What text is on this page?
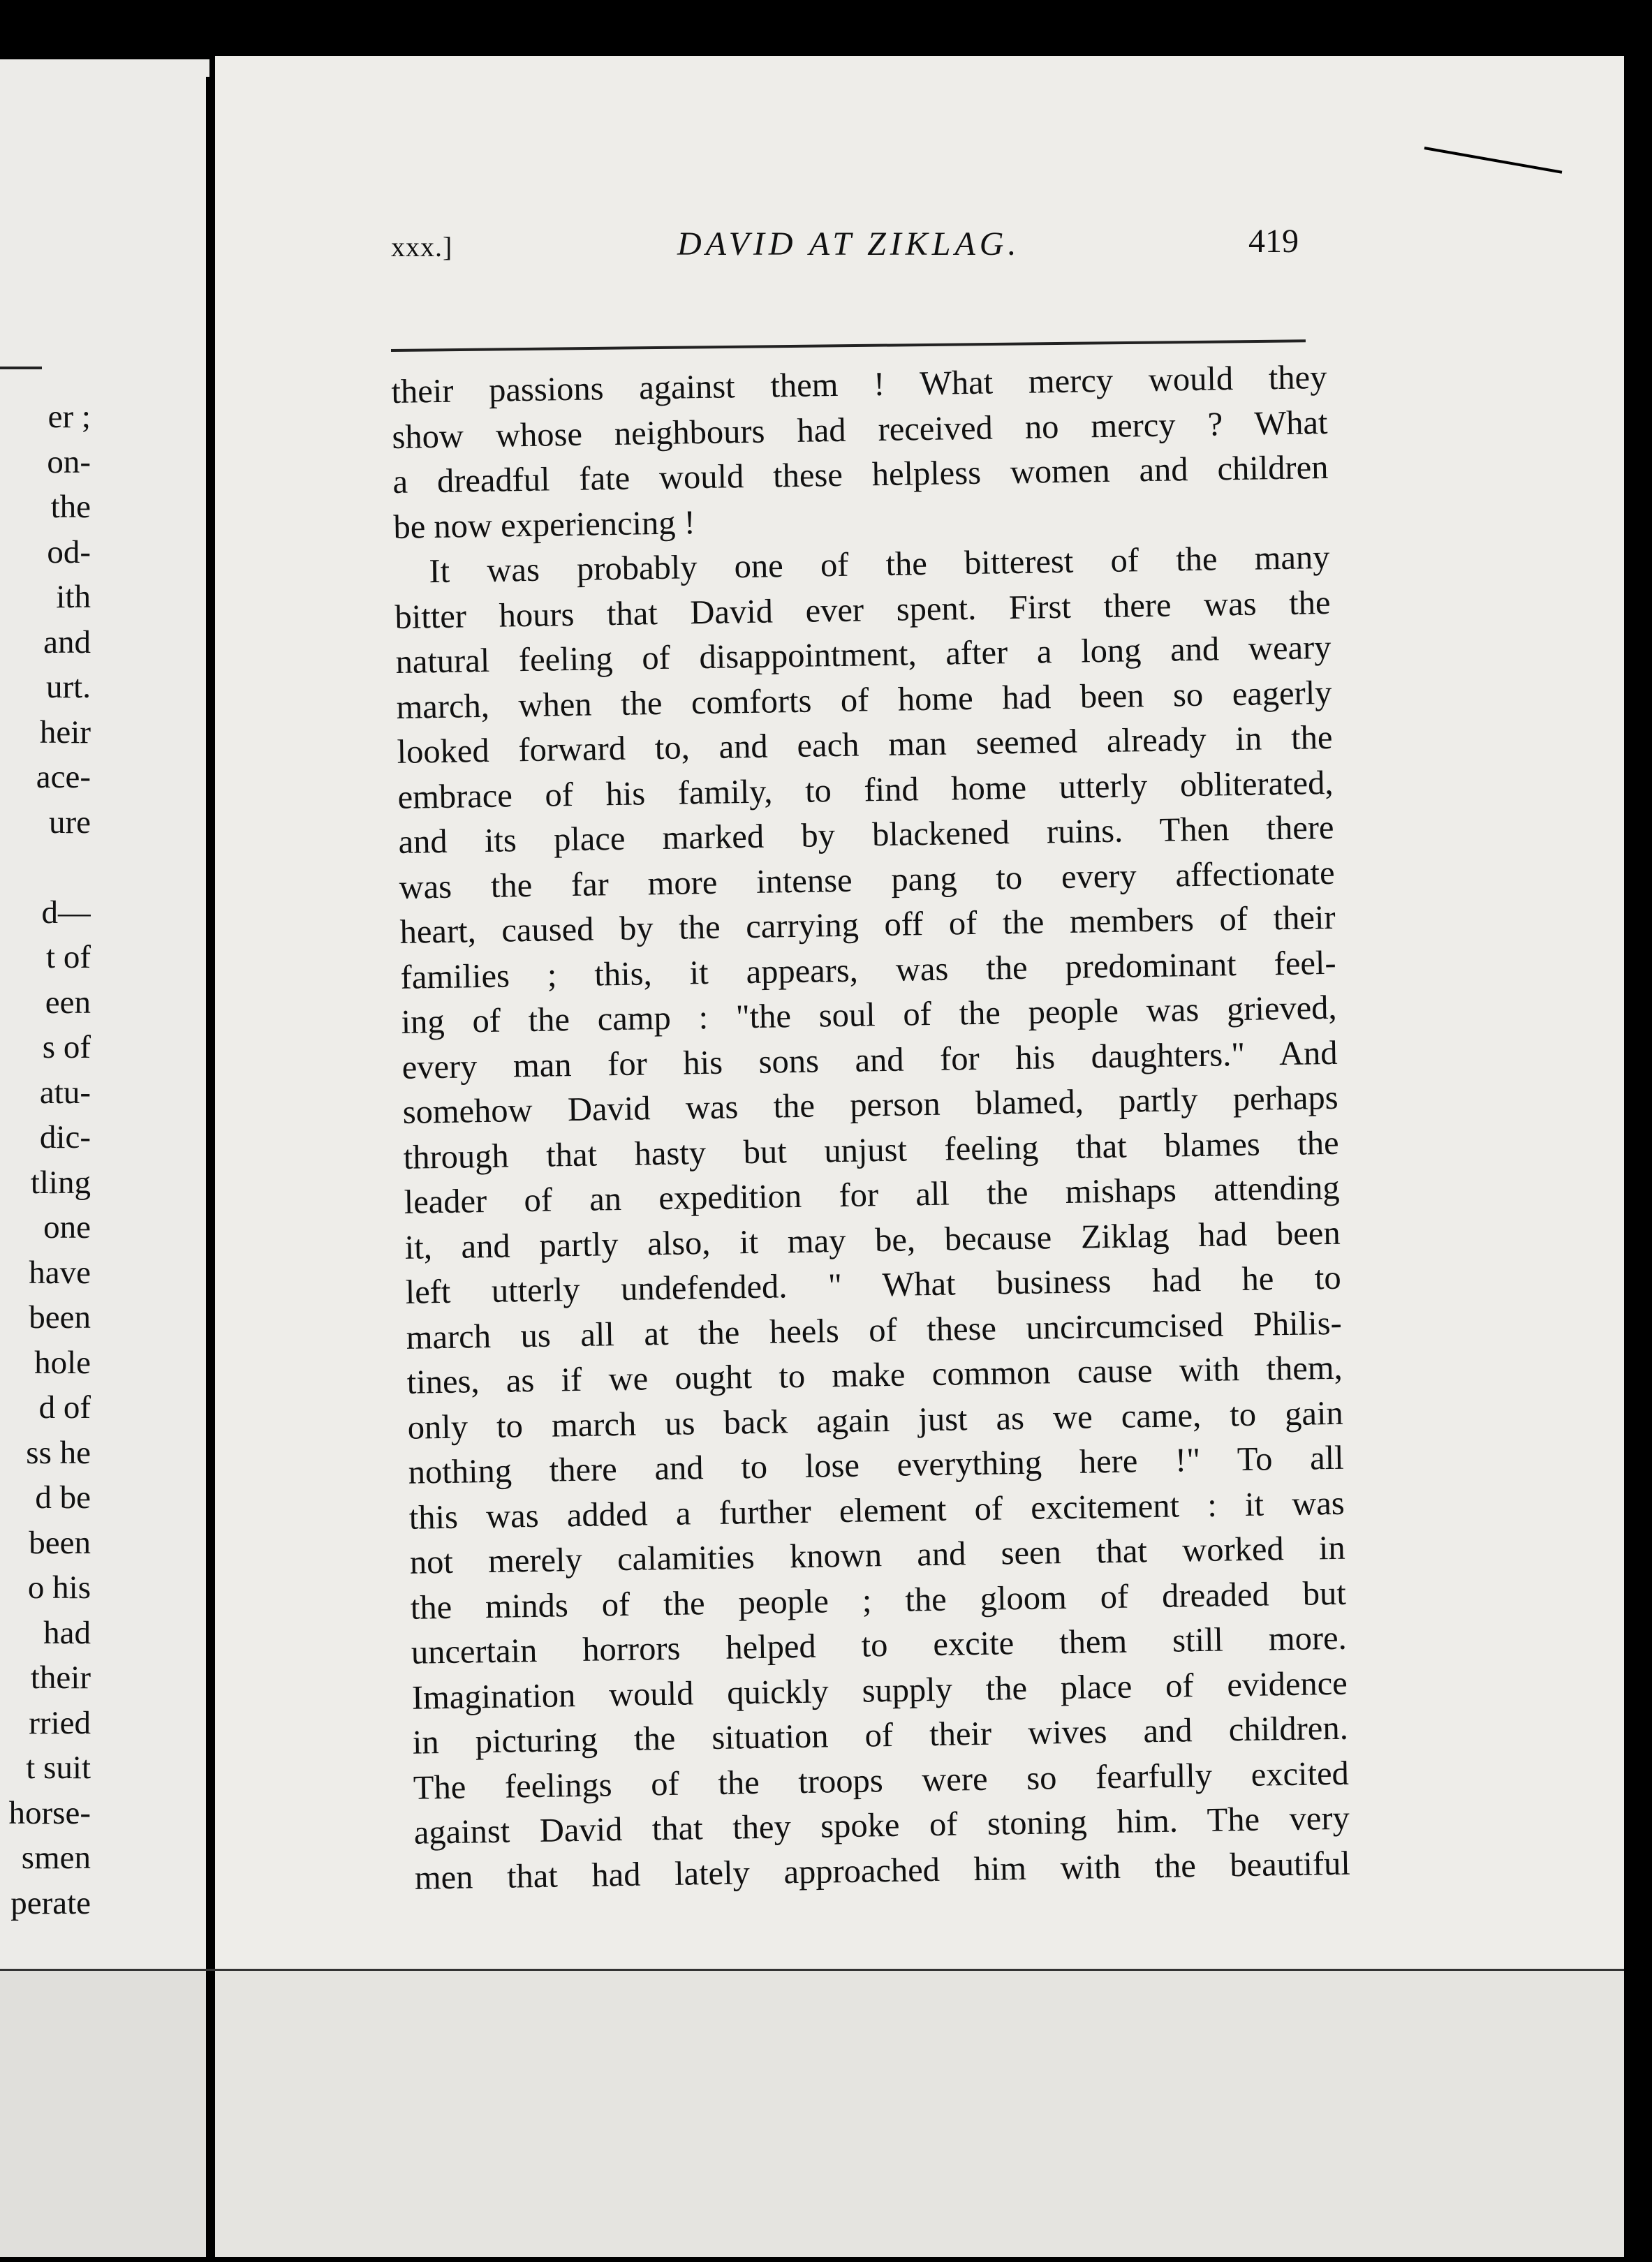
er ;
on-
the
od-
ith
and
urt.
heir
ace-
ure
d—
t of
een
s of
atu-
dic-
tling
one
have
been
hole
d of
ss he
d be
been
o his
had
their
rried
t suit
horse-
smen
perate
xxx.]	DAVID AT ZIKLAG.	419
their passions against them ! What mercy would they
show whose neighbours had received no mercy ? What
a dreadful fate would these helpless women and children
be now experiencing !
It was probably one of the bitterest of the many
bitter hours that David ever spent. First there was the
natural feeling of disappointment, after a long and weary
march, when the comforts of home had been so eagerly
looked forward to, and each man seemed already in the
embrace of his family, to find home utterly obliterated,
and its place marked by blackened ruins. Then there
was the far more intense pang to every affectionate
heart, caused by the carrying off of the members of their
families ; this, it appears, was the predominant feel-
ing of the camp : "the soul of the people was grieved,
every man for his sons and for his daughters." And
somehow David was the person blamed, partly perhaps
through that hasty but unjust feeling that blames the
leader of an expedition for all the mishaps attending
it, and partly also, it may be, because Ziklag had been
left utterly undefended. " What business had he to
march us all at the heels of these uncircumcised Philis-
tines, as if we ought to make common cause with them,
only to march us back again just as we came, to gain
nothing there and to lose everything here !" To all
this was added a further element of excitement : it was
not merely calamities known and seen that worked in
the minds of the people ; the gloom of dreaded but
uncertain horrors helped to excite them still more.
Imagination would quickly supply the place of evidence
in picturing the situation of their wives and children.
The feelings of the troops were so fearfully excited
against David that they spoke of stoning him. The very
men that had lately approached him with the beautiful
